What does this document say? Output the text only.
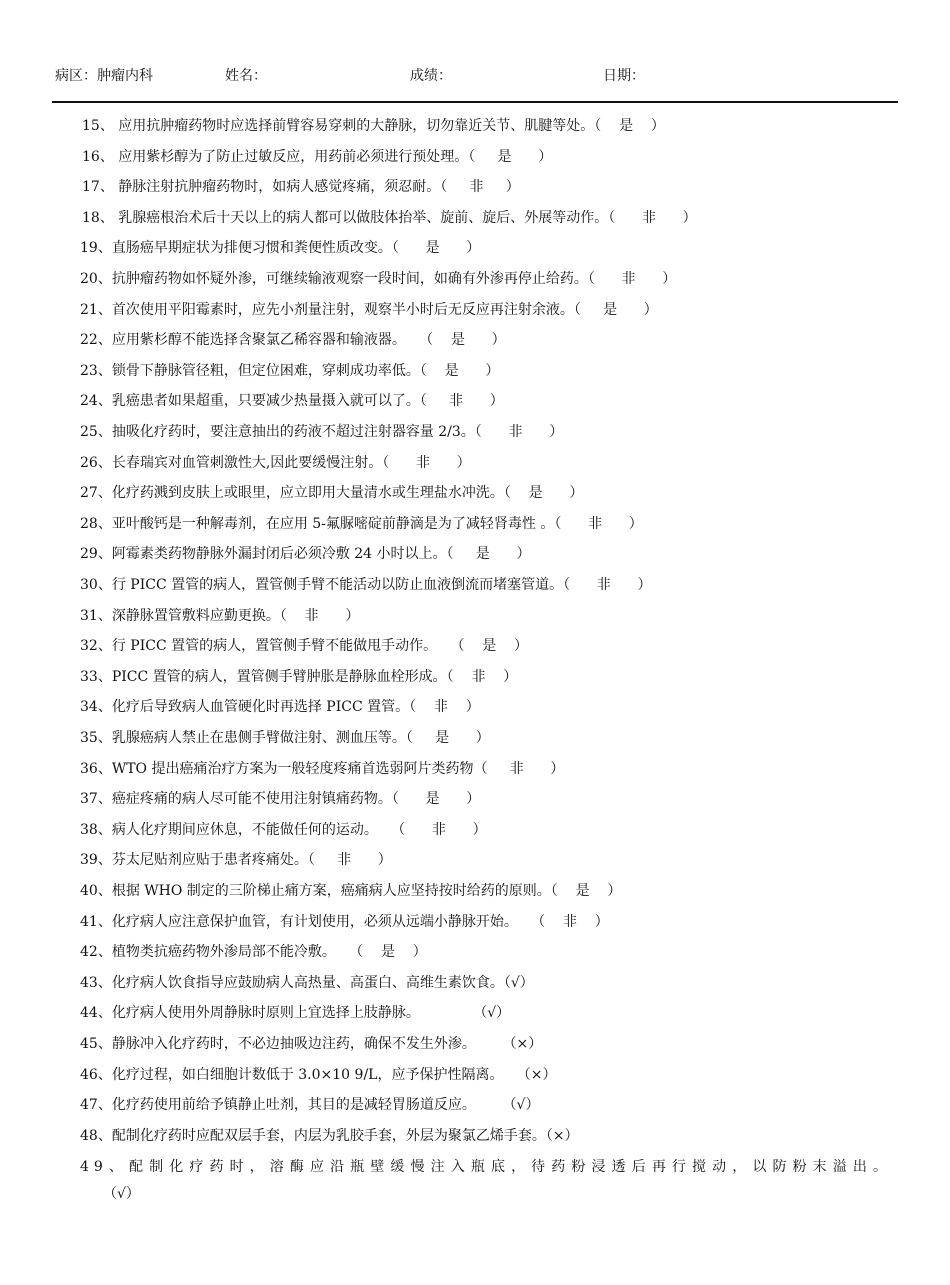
病区：肿瘤内科	姓名：	成绩：	日期：
15、 应用抗肿瘤药物时应选择前臂容易穿刺的大静脉，切勿靠近关节、肌腱等处。（    是    ）
16、 应用紫杉醇为了防止过敏反应，用药前必须进行预处理。（     是      ）
17、 静脉注射抗肿瘤药物时，如病人感觉疼痛，须忍耐。（     非     ）
18、 乳腺癌根治术后十天以上的病人都可以做肢体抬举、旋前、旋后、外展等动作。（      非      ）
19、直肠癌早期症状为排便习惯和粪便性质改变。（      是      ）
20、抗肿瘤药物如怀疑外渗，可继续输液观察一段时间，如确有外渗再停止给药。（      非      ）
21、首次使用平阳霉素时，应先小剂量注射，观察半小时后无反应再注射余液。（     是      ）
22、应用紫杉醇不能选择含聚氯乙稀容器和输液器。   （    是      ）
23、锁骨下静脉管径粗，但定位困难，穿刺成功率低。（    是      ）
24、乳癌患者如果超重，只要减少热量摄入就可以了。（     非      ）
25、抽吸化疗药时，要注意抽出的药液不超过注射器容量 2/3。（      非      ）
26、长春瑞宾对血管刺激性大,因此要缓慢注射。（      非      ）
27、化疗药溅到皮肤上或眼里，应立即用大量清水或生理盐水冲洗。（    是      ）
28、亚叶酸钙是一种解毒剂，在应用 5-氟脲嘧碇前静滴是为了减轻肾毒性 。（      非      ）
29、阿霉素类药物静脉外漏封闭后必须冷敷 24 小时以上。（     是      ）
30、行 PICC 置管的病人，置管侧手臂不能活动以防止血液倒流而堵塞管道。（      非      ）
31、深静脉置管敷料应勤更换。（    非      ）
32、行 PICC 置管的病人，置管侧手臂不能做甩手动作。   （    是    ）
33、PICC 置管的病人，置管侧手臂肿胀是静脉血栓形成。（    非    ）
34、化疗后导致病人血管硬化时再选择 PICC 置管。（    非    ）
35、乳腺癌病人禁止在患侧手臂做注射、测血压等。（     是      ）
36、WTO 提出癌痛治疗方案为一般轻度疼痛首选弱阿片类药物（     非      ）
37、癌症疼痛的病人尽可能不使用注射镇痛药物。（      是      ）
38、病人化疗期间应休息，不能做任何的运动。   （      非      ）
39、芬太尼贴剂应贴于患者疼痛处。（     非      ）
40、根据 WHO 制定的三阶梯止痛方案，癌痛病人应坚持按时给药的原则。（    是    ）
41、化疗病人应注意保护血管，有计划使用，必须从远端小静脉开始。   （    非    ）
42、植物类抗癌药物外渗局部不能冷敷。   （    是    ）
43、化疗病人饮食指导应鼓励病人高热量、高蛋白、高维生素饮食。（√）
44、化疗病人使用外周静脉时原则上宜选择上肢静脉。            （√）
45、静脉冲入化疗药时，不必边抽吸边注药，确保不发生外渗。      （×）
46、化疗过程，如白细胞计数低于 3.0×10 9/L，应予保护性隔离。   （×）
47、化疗药使用前给予镇静止吐剂，其目的是减轻胃肠道反应。      （√）
48、配制化疗药时应配双层手套，内层为乳胶手套，外层为聚氯乙烯手套。（×）
49、配制化疗药时，溶酶应沿瓶壁缓慢注入瓶底，待药粉浸透后再行搅动，以防粉末溢出。
（√）
